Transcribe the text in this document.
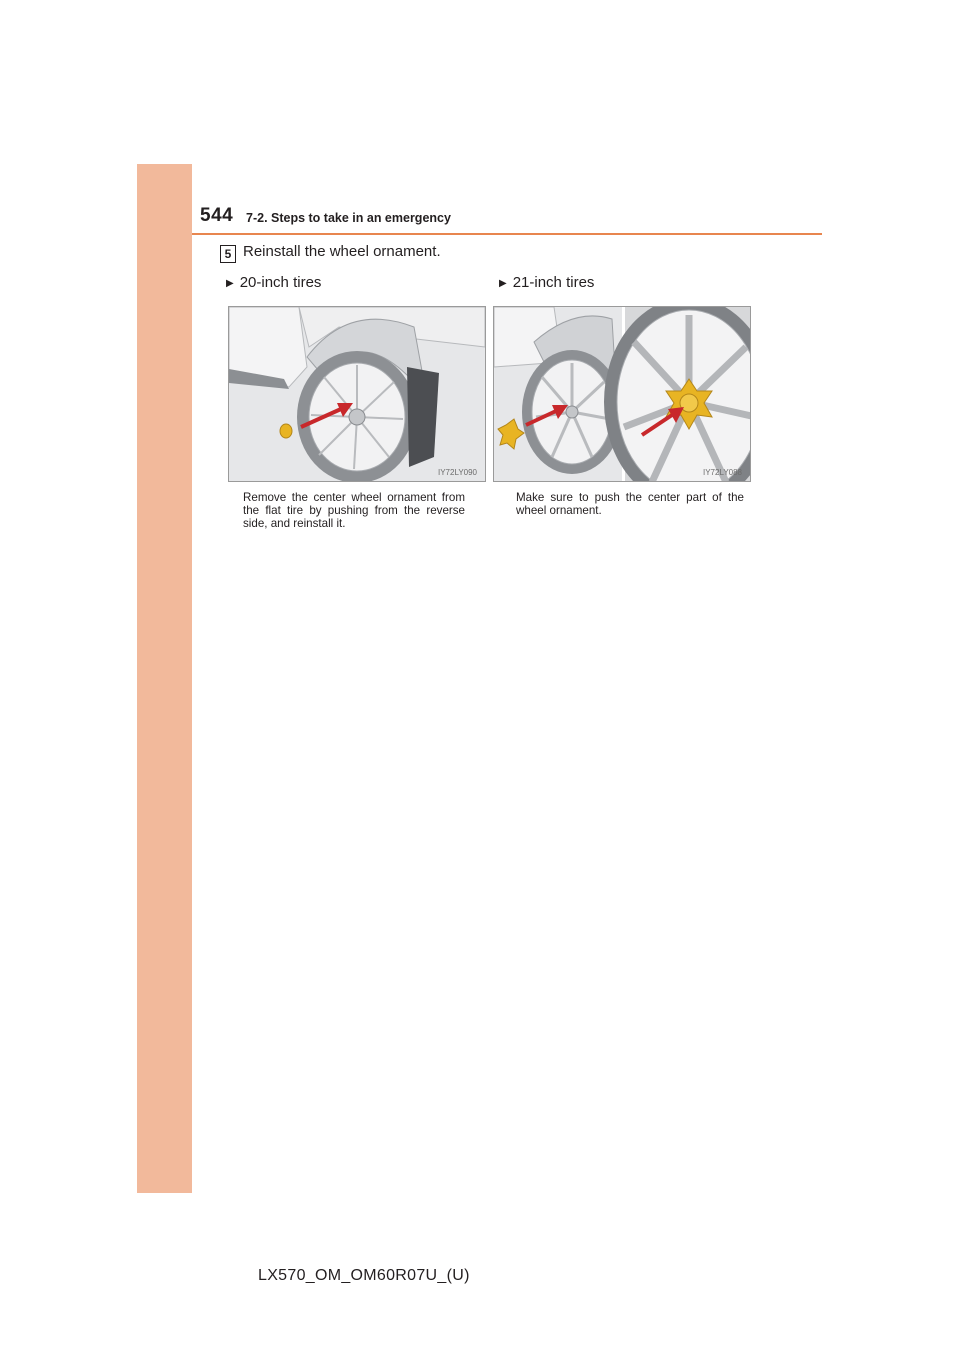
544 7-2. Steps to take in an emergency
5 Reinstall the wheel ornament.
▶ 20-inch tires	▶ 21-inch tires
IY72LY090	IY72LY088
Remove the center wheel ornament from the flat tire by pushing from the reverse side, and reinstall it.
Make sure to push the center part of the wheel ornament.
LX570_OM_OM60R07U_(U)
